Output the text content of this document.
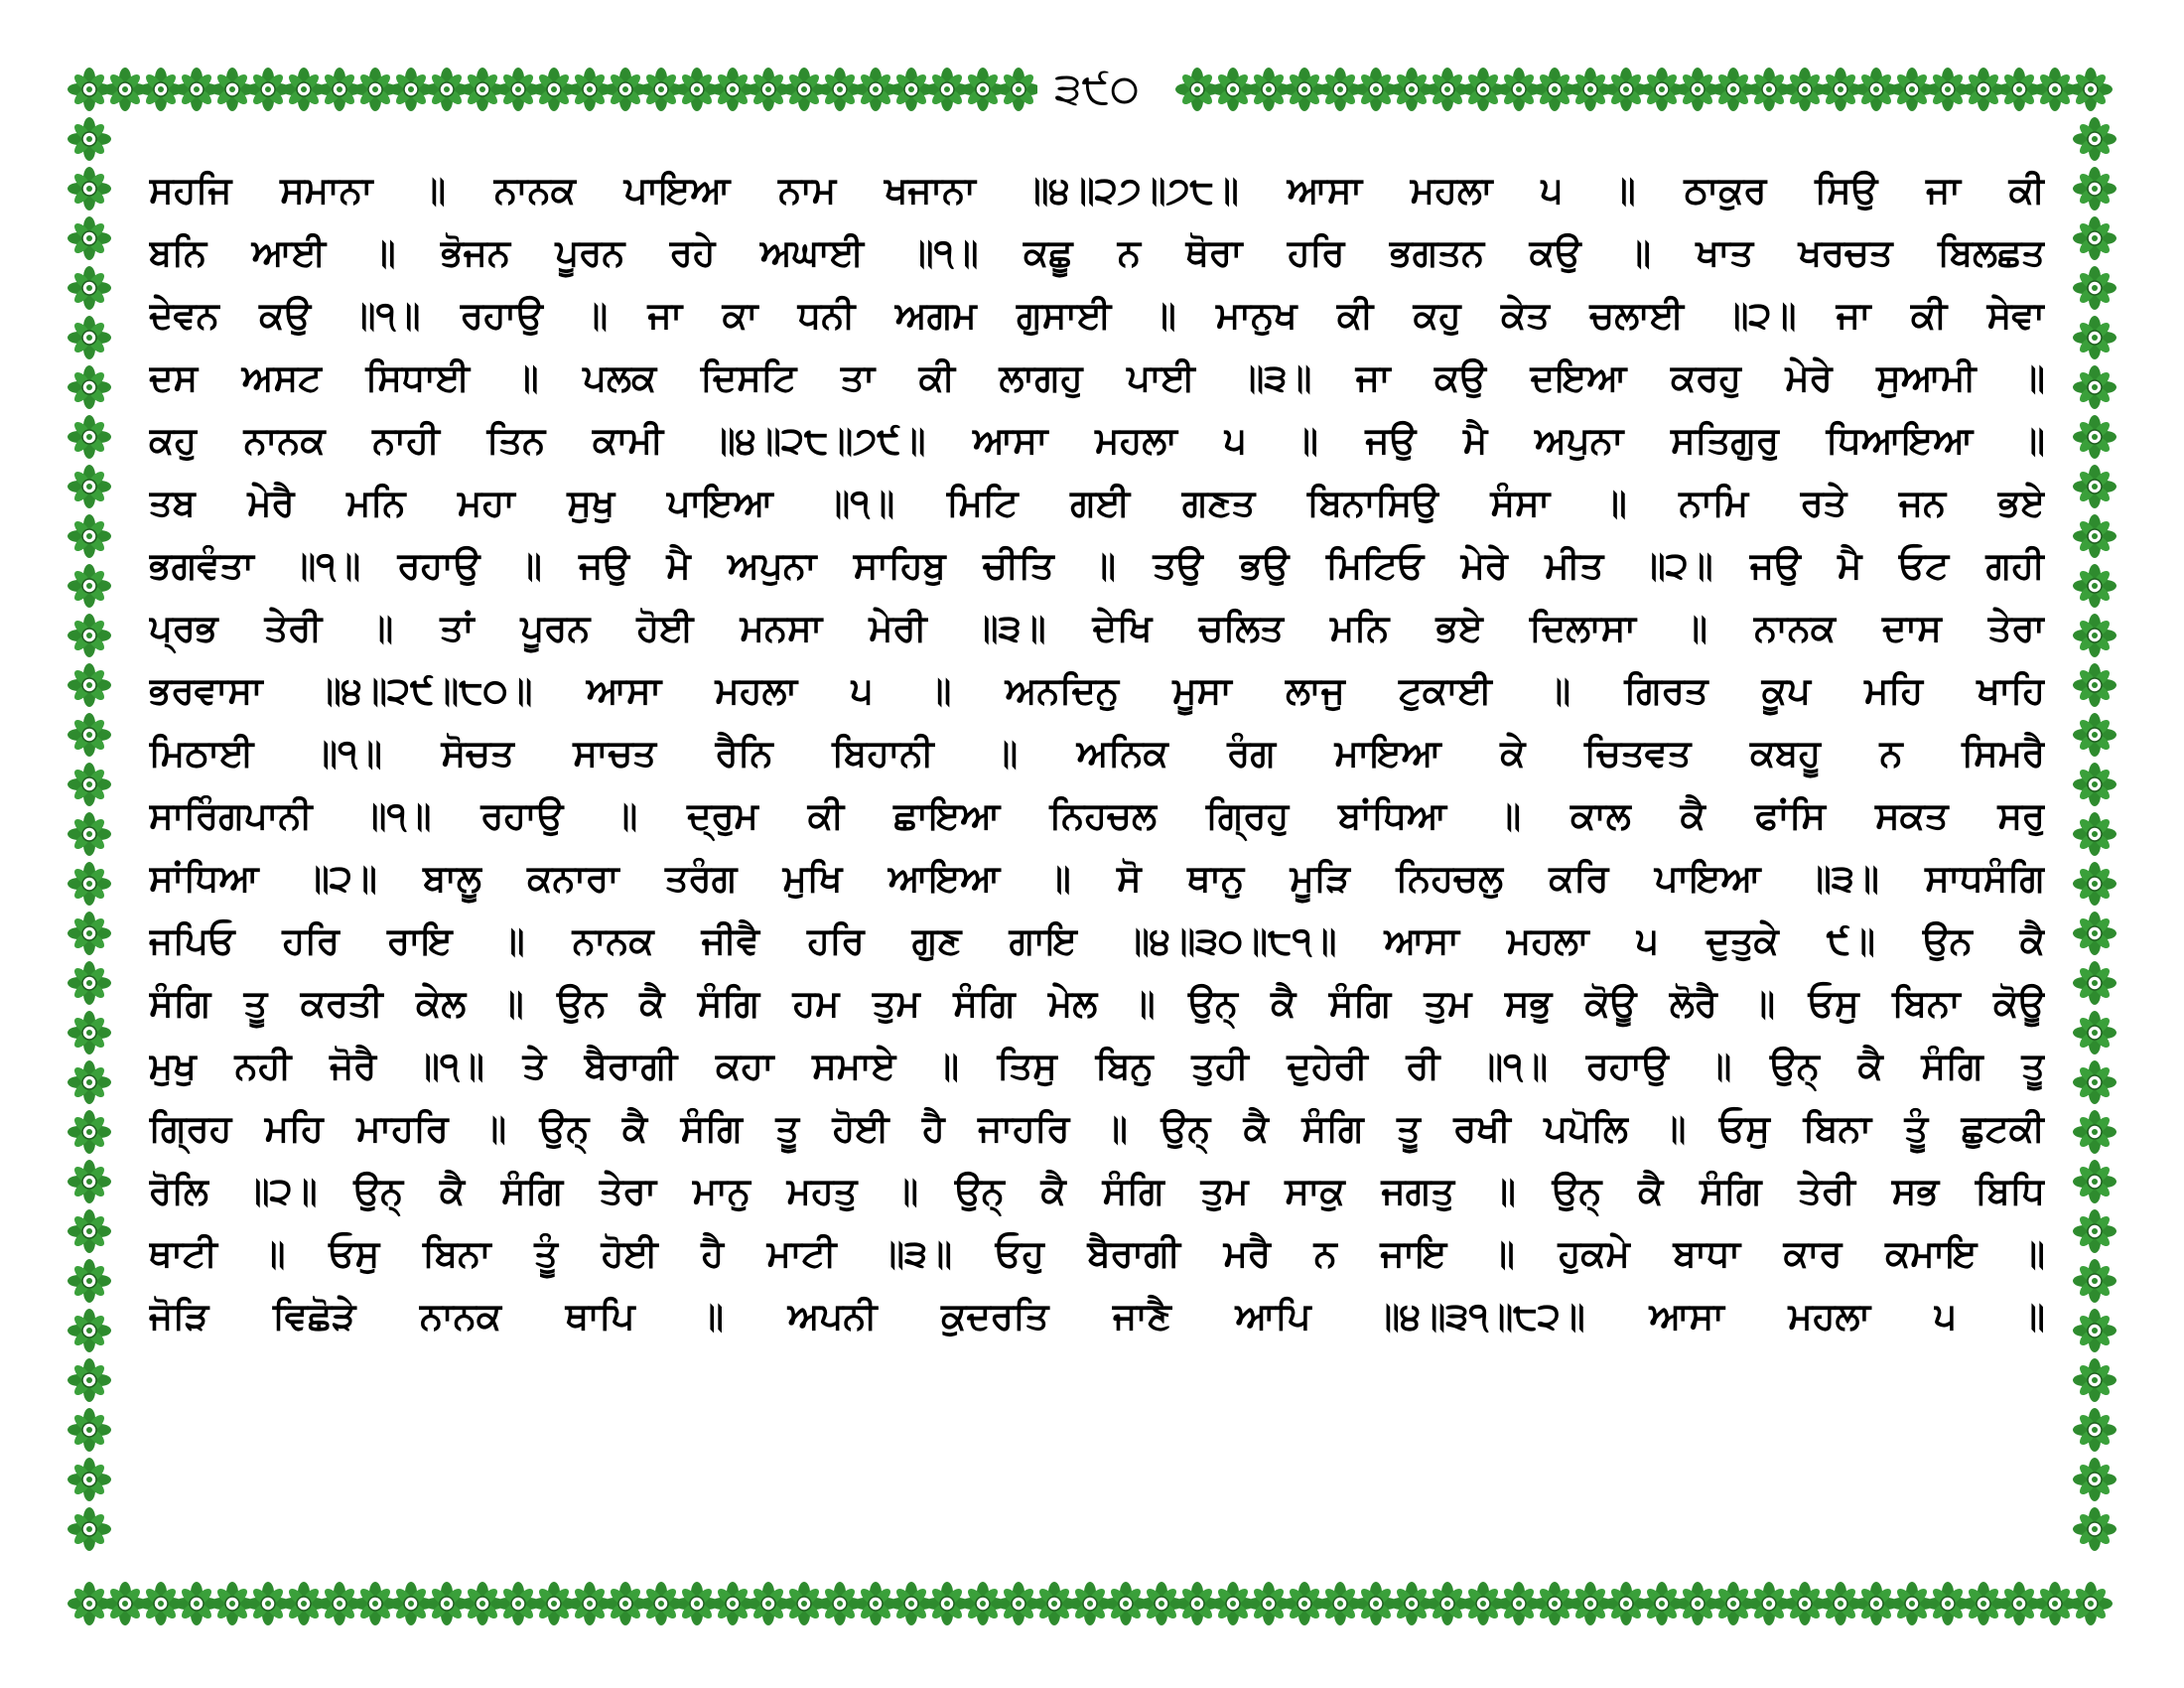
੩੯੦
ਸਹਜਿ ਸਮਾਨਾ ॥ ਨਾਨਕ ਪਾਇਆ ਨਾਮ ਖਜਾਨਾ ॥੪॥੨੭॥੭੮॥ ਆਸਾ ਮਹਲਾ ੫ ॥ ਠਾਕੁਰ ਸਿਉ ਜਾ ਕੀ
ਬਨਿ ਆਈ ॥ ਭੋਜਨ ਪੂਰਨ ਰਹੇ ਅਘਾਈ ॥੧॥ ਕਛੂ ਨ ਥੋਰਾ ਹਰਿ ਭਗਤਨ ਕਉ ॥ ਖਾਤ ਖਰਚਤ ਬਿਲਛਤ
ਦੇਵਨ ਕਉ ॥੧॥ ਰਹਾਉ ॥ ਜਾ ਕਾ ਧਨੀ ਅਗਮ ਗੁਸਾਈ ॥ ਮਾਨੁਖ ਕੀ ਕਹੁ ਕੇਤ ਚਲਾਈ ॥੨॥ ਜਾ ਕੀ ਸੇਵਾ
ਦਸ ਅਸਟ ਸਿਧਾਈ ॥ ਪਲਕ ਦਿਸਟਿ ਤਾ ਕੀ ਲਾਗਹੁ ਪਾਈ ॥੩॥ ਜਾ ਕਉ ਦਇਆ ਕਰਹੁ ਮੇਰੇ ਸੁਆਮੀ ॥
ਕਹੁ ਨਾਨਕ ਨਾਹੀ ਤਿਨ ਕਾਮੀ ॥੪॥੨੮॥੭੯॥ ਆਸਾ ਮਹਲਾ ੫ ॥ ਜਉ ਮੈ ਅਪੁਨਾ ਸਤਿਗੁਰੁ ਧਿਆਇਆ ॥
ਤਬ ਮੇਰੈ ਮਨਿ ਮਹਾ ਸੁਖੁ ਪਾਇਆ ॥੧॥ ਮਿਟਿ ਗਈ ਗਣਤ ਬਿਨਾਸਿਉ ਸੰਸਾ ॥ ਨਾਮਿ ਰਤੇ ਜਨ ਭਏ
ਭਗਵੰਤਾ ॥੧॥ ਰਹਾਉ ॥ ਜਉ ਮੈ ਅਪੁਨਾ ਸਾਹਿਬੁ ਚੀਤਿ ॥ ਤਉ ਭਉ ਮਿਟਿਓ ਮੇਰੇ ਮੀਤ ॥੨॥ ਜਉ ਮੈ ਓਟ ਗਹੀ
ਪ੍ਰਭ ਤੇਰੀ ॥ ਤਾਂ ਪੂਰਨ ਹੋਈ ਮਨਸਾ ਮੇਰੀ ॥੩॥ ਦੇਖਿ ਚਲਿਤ ਮਨਿ ਭਏ ਦਿਲਾਸਾ ॥ ਨਾਨਕ ਦਾਸ ਤੇਰਾ
ਭਰਵਾਸਾ ॥੪॥੨੯॥੮੦॥ ਆਸਾ ਮਹਲਾ ੫ ॥ ਅਨਦਿਨੁ ਮੂਸਾ ਲਾਜੁ ਟੁਕਾਈ ॥ ਗਿਰਤ ਕੂਪ ਮਹਿ ਖਾਹਿ
ਮਿਠਾਈ ॥੧॥ ਸੋਚਤ ਸਾਚਤ ਰੈਨਿ ਬਿਹਾਨੀ ॥ ਅਨਿਕ ਰੰਗ ਮਾਇਆ ਕੇ ਚਿਤਵਤ ਕਬਹੂ ਨ ਸਿਮਰੈ
ਸਾਰਿੰਗਪਾਨੀ ॥੧॥ ਰਹਾਉ ॥ ਦ੍ਰੁਮ ਕੀ ਛਾਇਆ ਨਿਹਚਲ ਗ੍ਰਿਹੁ ਬਾਂਧਿਆ ॥ ਕਾਲ ਕੈ ਫਾਂਸਿ ਸਕਤ ਸਰੁ
ਸਾਂਧਿਆ ॥੨॥ ਬਾਲੂ ਕਨਾਰਾ ਤਰੰਗ ਮੁਖਿ ਆਇਆ ॥ ਸੋ ਥਾਨੁ ਮੂੜਿ ਨਿਹਚਲੁ ਕਰਿ ਪਾਇਆ ॥੩॥ ਸਾਧਸੰਗਿ
ਜਪਿਓ ਹਰਿ ਰਾਇ ॥ ਨਾਨਕ ਜੀਵੈ ਹਰਿ ਗੁਣ ਗਾਇ ॥੪॥੩੦॥੮੧॥ ਆਸਾ ਮਹਲਾ ੫ ਦੁਤੁਕੇ ੯॥ ਉਨ ਕੈ
ਸੰਗਿ ਤੂ ਕਰਤੀ ਕੇਲ ॥ ਉਨ ਕੈ ਸੰਗਿ ਹਮ ਤੁਮ ਸੰਗਿ ਮੇਲ ॥ ਉਨ੍ ਕੈ ਸੰਗਿ ਤੁਮ ਸਭੁ ਕੋਊ ਲੋਰੈ ॥ ਓਸੁ ਬਿਨਾ ਕੋਊ
ਮੁਖੁ ਨਹੀ ਜੋਰੈ ॥੧॥ ਤੇ ਬੈਰਾਗੀ ਕਹਾ ਸਮਾਏ ॥ ਤਿਸੁ ਬਿਨੁ ਤੁਹੀ ਦੁਹੇਰੀ ਰੀ ॥੧॥ ਰਹਾਉ ॥ ਉਨ੍ ਕੈ ਸੰਗਿ ਤੂ
ਗ੍ਰਿਹ ਮਹਿ ਮਾਹਰਿ ॥ ਉਨ੍ ਕੈ ਸੰਗਿ ਤੂ ਹੋਈ ਹੈ ਜਾਹਰਿ ॥ ਉਨ੍ ਕੈ ਸੰਗਿ ਤੂ ਰਖੀ ਪਪੋਲਿ ॥ ਓਸੁ ਬਿਨਾ ਤੂੰ ਛੁਟਕੀ
ਰੋਲਿ ॥੨॥ ਉਨ੍ ਕੈ ਸੰਗਿ ਤੇਰਾ ਮਾਨੁ ਮਹਤੁ ॥ ਉਨ੍ ਕੈ ਸੰਗਿ ਤੁਮ ਸਾਕੁ ਜਗਤੁ ॥ ਉਨ੍ ਕੈ ਸੰਗਿ ਤੇਰੀ ਸਭ ਬਿਧਿ
ਥਾਟੀ ॥ ਓਸੁ ਬਿਨਾ ਤੂੰ ਹੋਈ ਹੈ ਮਾਟੀ ॥੩॥ ਓਹੁ ਬੈਰਾਗੀ ਮਰੈ ਨ ਜਾਇ ॥ ਹੁਕਮੇ ਬਾਧਾ ਕਾਰ ਕਮਾਇ ॥
ਜੋੜਿ ਵਿਛੋੜੇ ਨਾਨਕ ਥਾਪਿ ॥ ਅਪਨੀ ਕੁਦਰਤਿ ਜਾਣੈ ਆਪਿ ॥੪॥੩੧॥੮੨॥ ਆਸਾ ਮਹਲਾ ੫ ॥
